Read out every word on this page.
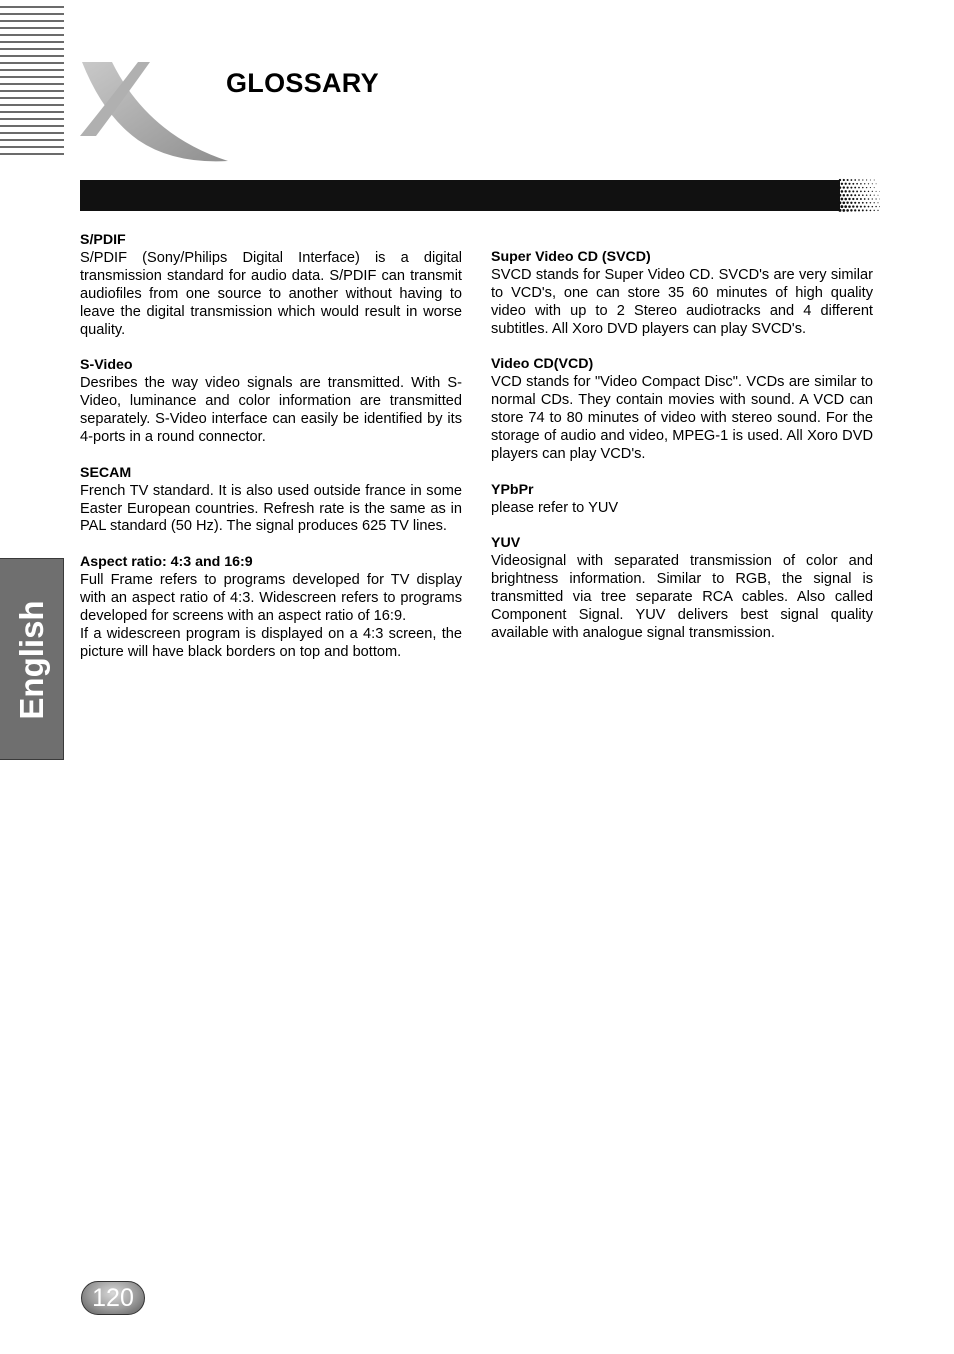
GLOSSARY
S/PDIF

S/PDIF (Sony/Philips Digital Interface) is a digital transmission standard for audio data. S/PDIF can transmit audiofiles from one source to another without having to leave the digital transmission which would result in worse quality.

S-Video

Desribes the way video signals are transmitted. With S-Video, luminance and color information are transmitted separately. S-Video interface can easily be identified by its 4-ports in a round connector.

SECAM

French TV standard. It is also used outside france in some Easter European countries. Refresh rate is the same as in PAL standard (50 Hz). The signal produces 625 TV lines.

Aspect ratio: 4:3 and 16:9

Full Frame refers to programs developed for TV display with an aspect ratio of 4:3. Widescreen refers to programs developed for screens with an aspect ratio of 16:9.

If a widescreen program is displayed on a 4:3 screen, the picture will have black borders on top and bottom.

Super Video CD (SVCD)

SVCD stands for Super Video CD. SVCD's are very similar to VCD's, one can store 35 60 minutes of high quality video with up to 2 Stereo audiotracks and 4 different subtitles. All Xoro DVD players can play SVCD's.

Video CD(VCD)

VCD stands for "Video Compact Disc". VCDs are similar to normal CDs. They contain movies with sound. A VCD can store 74 to 80 minutes of video with stereo sound. For the storage of audio and video, MPEG-1 is used. All Xoro DVD players can play VCD's.

YPbPr

please refer to YUV

YUV

Videosignal with separated transmission of color and brightness information. Similar to RGB, the signal is transmitted via tree separate RCA cables. Also called Component Signal. YUV delivers best signal quality available with analogue signal transmission.

English
120
